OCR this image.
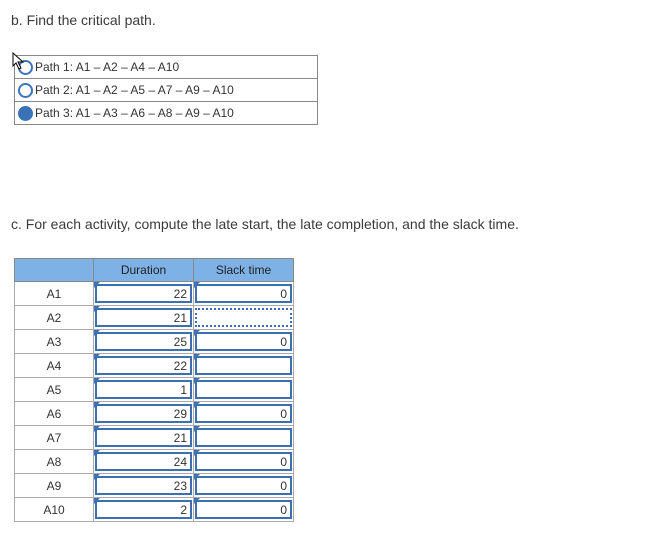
b. Find the critical path.
Path 1: A1 – A2 – A4 – A10
Path 2: A1 – A2 – A5 – A7 – A9 – A10
Path 3: A1 – A3 – A6 – A8 – A9 – A10
c. For each activity, compute the late start, the late completion, and the slack time.
	Duration	Slack time
A1	22	0

A2	21	

A3	25	0

A4	22	

A5	1	

A6	29	0

A7	21	

A8	24	0

A9	23	0

A10	2	0
